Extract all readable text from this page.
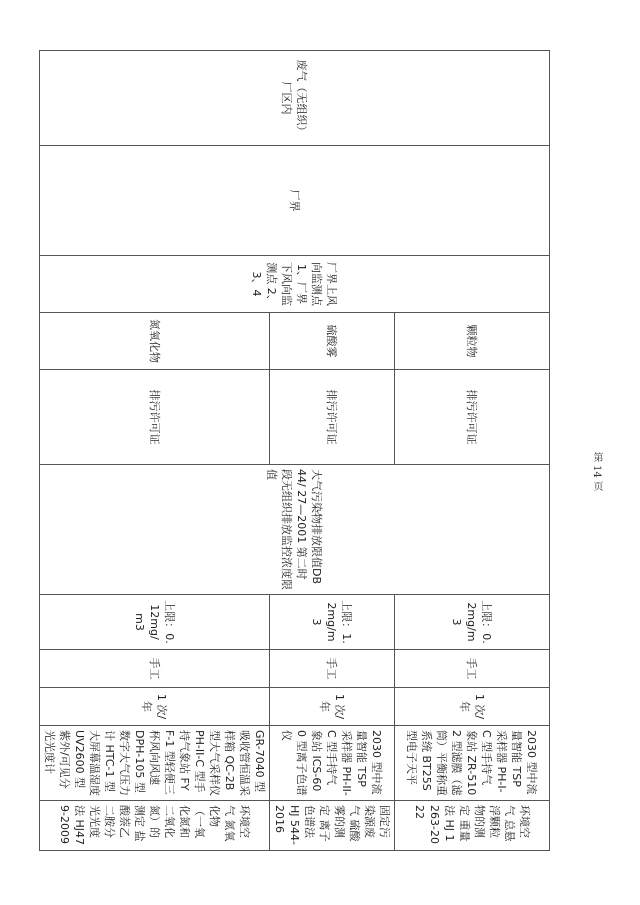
废气（无组织）厂区内	厂界	厂界上风向监测点 1、厂界下风向监测点 2、3、4	颗粒物	排污许可证	大气污染物排放限值DB44/ 27—2001 第二时段无组织排放监控浓度限值	上限：0.2mg/m3	手工	1 次/年	2030 型中流量智能 TSP 采样器 PH-I-C 型手持气象站 ZR-5102 型滤膜（滤筒）平衡称重系统 BT25S 型电子天平	环境空气 总悬浮颗粒物的测定 重量法 HJ 1263-2022
			硫酸雾	排污许可证		上限：1.2mg/m3	手工	1 次/年	2030 型中流量智能 TSP 采样器 PH-II-C 型手持气象站 ICS-600 型离子色谱仪	固定污染源废气 硫酸雾的测定 离子色谱法 HJ 544-2016
			氮氧化物	排污许可证		上限：0.12mg/m3	手工	1 次/年	GR-7040 型吸收管恒温采样箱 QC-2B 型大气采样仪 PH-II-C 型手持气象站 FYF-1 型轻便三杯风向风速 DPH-105 型数字大气压力计 HTC-1 型大屏幕温湿度 UV2600 型紫外/可见分光光度计	环境空气 氮氧化物（一氧化氮和二氧化氮）的测定 盐酸萘乙二胺分光光度法 HJ479-2009
第 14 页
